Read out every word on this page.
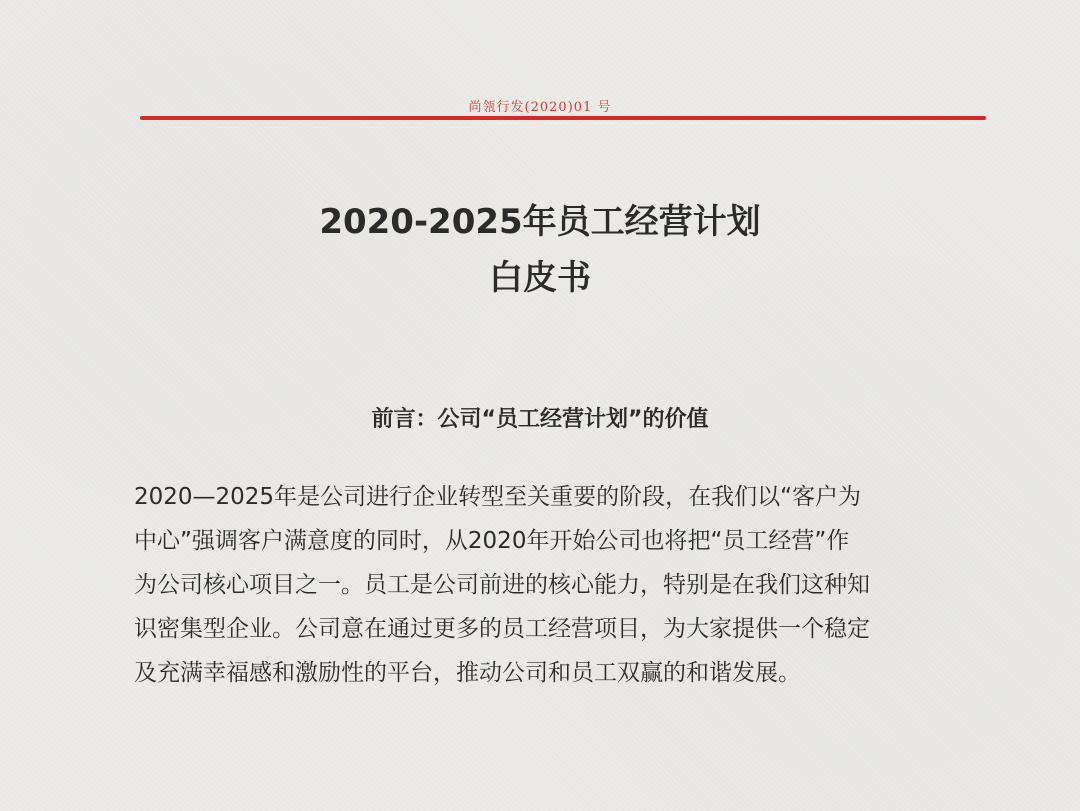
尚瓴行发(2020)01 号
2020-2025年员工经营计划
白皮书
前言：公司“员工经营计划”的价值
2020—2025年是公司进行企业转型至关重要的阶段，在我们以“客户为
中心”强调客户满意度的同时，从2020年开始公司也将把“员工经营”作
为公司核心项目之一。员工是公司前进的核心能力，特别是在我们这种知
识密集型企业。公司意在通过更多的员工经营项目，为大家提供一个稳定
及充满幸福感和激励性的平台，推动公司和员工双赢的和谐发展。
